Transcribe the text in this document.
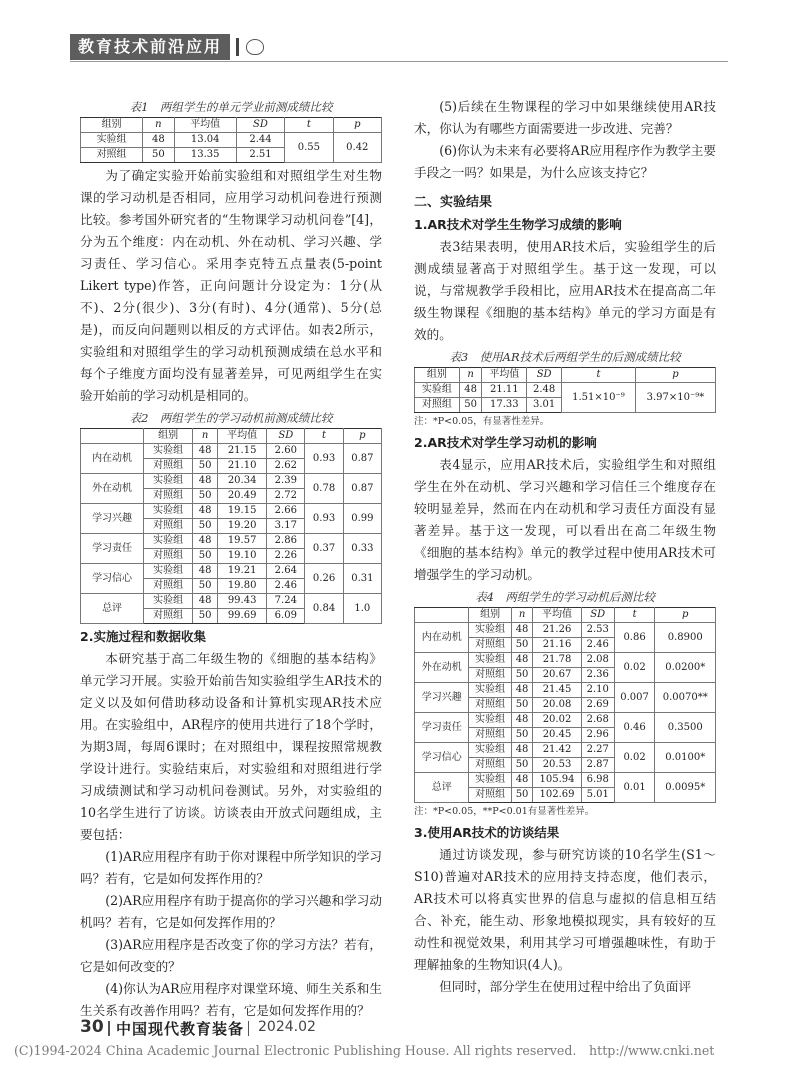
教育技术前沿应用

表1　两组学生的单元学业前测成绩比较

组别	n	平均值	SD	t	p
实验组	48	13.04	2.44	0.55	0.42
对照组	50	13.35	2.51		

为了确定实验开始前实验组和对照组学生对生物课的学习动机是否相同，应用学习动机问卷进行预测比较。参考国外研究者的“生物课学习动机问卷”[4]，分为五个维度：内在动机、外在动机、学习兴趣、学习责任、学习信心。采用李克特五点量表(5-point Likert type)作答，正向问题计分设定为：1分(从不)、2分(很少)、3分(有时)、4分(通常)、5分(总是)，而反向问题则以相反的方式评估。如表2所示，实验组和对照组学生的学习动机预测成绩在总水平和每个子维度方面均没有显著差异，可见两组学生在实验开始前的学习动机是相同的。

表2　两组学生的学习动机前测成绩比较

	组别	n	平均值	SD	t	p
内在动机	实验组	48	21.15	2.60	0.93	0.87
	对照组	50	21.10	2.62		
外在动机	实验组	48	20.34	2.39	0.78	0.87
	对照组	50	20.49	2.72		
学习兴趣	实验组	48	19.15	2.66	0.93	0.99
	对照组	50	19.20	3.17		
学习责任	实验组	48	19.57	2.86	0.37	0.33
	对照组	50	19.10	2.26		
学习信心	实验组	48	19.21	2.64	0.26	0.31
	对照组	50	19.80	2.46		
总评	实验组	48	99.43	7.24	0.84	1.0
	对照组	50	99.69	6.09		
2.实施过程和数据收集

本研究基于高二年级生物的《细胞的基本结构》单元学习开展。实验开始前告知实验组学生AR技术的定义以及如何借助移动设备和计算机实现AR技术应用。在实验组中，AR程序的使用共进行了18个学时，为期3周，每周6课时；在对照组中，课程按照常规教学设计进行。实验结束后，对实验组和对照组进行学习成绩测试和学习动机问卷测试。另外，对实验组的10名学生进行了访谈。访谈表由开放式问题组成，主要包括：

(1)AR应用程序有助于你对课程中所学知识的学习吗？若有，它是如何发挥作用的？

(2)AR应用程序有助于提高你的学习兴趣和学习动机吗？若有，它是如何发挥作用的？

(3)AR应用程序是否改变了你的学习方法？若有，它是如何改变的？

(4)你认为AR应用程序对课堂环境、师生关系和生生关系有改善作用吗？若有，它是如何发挥作用的？

(5)后续在生物课程的学习中如果继续使用AR技术，你认为有哪些方面需要进一步改进、完善？

(6)你认为未来有必要将AR应用程序作为教学主要手段之一吗？如果是，为什么应该支持它？

二、实验结果
1.AR技术对学生生物学习成绩的影响

表3结果表明，使用AR技术后，实验组学生的后测成绩显著高于对照组学生。基于这一发现，可以说，与常规教学手段相比，应用AR技术在提高高二年级生物课程《细胞的基本结构》单元的学习方面是有效的。

表3　使用AR技术后两组学生的后测成绩比较

组别	n	平均值	SD	t	p
实验组	48	21.11	2.48	1.51×10⁻⁹	3.97×10⁻⁹*
对照组	50	17.33	3.01		
注：*P<0.05，有显著性差异。
2.AR技术对学生学习动机的影响

表4显示，应用AR技术后，实验组学生和对照组学生在外在动机、学习兴趣和学习信任三个维度存在较明显差异，然而在内在动机和学习责任方面没有显著差异。基于这一发现，可以看出在高二年级生物《细胞的基本结构》单元的教学过程中使用AR技术可增强学生的学习动机。

表4　两组学生的学习动机后测比较

	组别	n	平均值	SD	t	p
内在动机	实验组	48	21.26	2.53	0.86	0.8900
	对照组	50	21.16	2.46		
外在动机	实验组	48	21.78	2.08	0.02	0.0200*
	对照组	50	20.67	2.36		
学习兴趣	实验组	48	21.45	2.10	0.007	0.0070**
	对照组	50	20.08	2.69		
学习责任	实验组	48	20.02	2.68	0.46	0.3500
	对照组	50	20.45	2.96		
学习信心	实验组	48	21.42	2.27	0.02	0.0100*
	对照组	50	20.53	2.87		
总评	实验组	48	105.94	6.98	0.01	0.0095*
	对照组	50	102.69	5.01		
注：*P<0.05，**P<0.01有显著性差异。
3.使用AR技术的访谈结果

通过访谈发现，参与研究访谈的10名学生(S1～S10)普遍对AR技术的应用持支持态度，他们表示，AR技术可以将真实世界的信息与虚拟的信息相互结合、补充，能生动、形象地模拟现实，具有较好的互动性和视觉效果，利用其学习可增强趣味性，有助于理解抽象的生物知识(4人)。

但同时，部分学生在使用过程中给出了负面评

30 中国现代教育装备 2024.02
(C)1994-2024 China Academic Journal Electronic Publishing House. All rights reserved.　http://www.cnki.net
